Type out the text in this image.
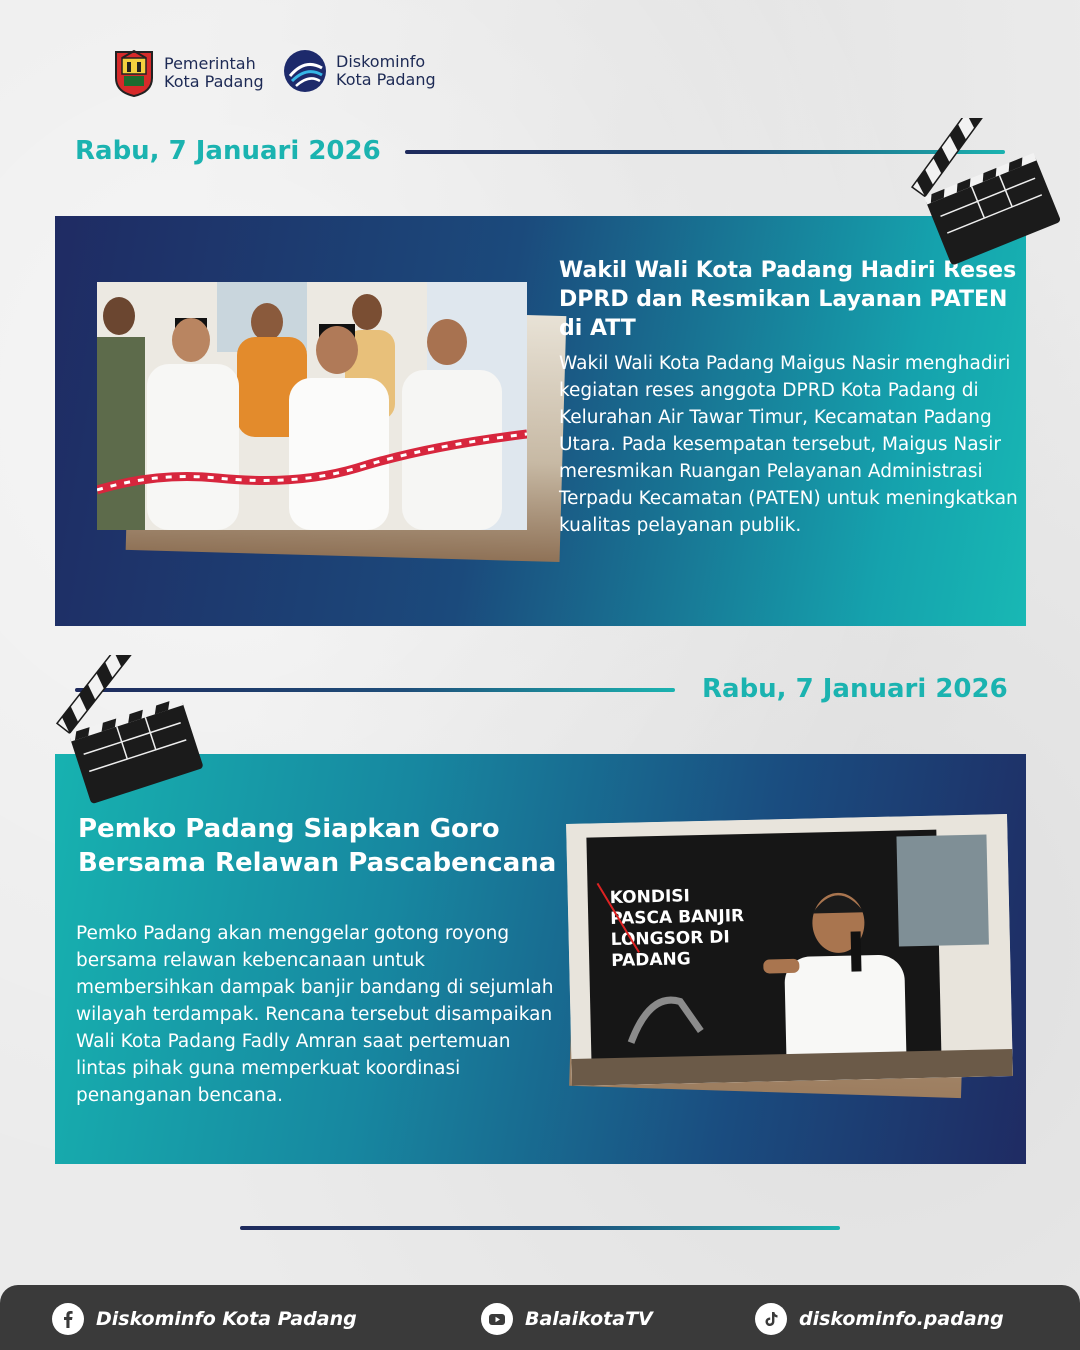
Pemerintah
Kota Padang
Diskominfo
Kota Padang
Rabu, 7 Januari 2026
Wakil Wali Kota Padang Hadiri Reses DPRD dan Resmikan Layanan PATEN di ATT
Wakil Wali Kota Padang Maigus Nasir menghadiri kegiatan reses anggota DPRD Kota Padang di Kelurahan Air Tawar Timur, Kecamatan Padang Utara. Pada kesempatan tersebut, Maigus Nasir meresmikan Ruangan Pelayanan Administrasi Terpadu Kecamatan (PATEN) untuk meningkatkan kualitas pelayanan publik.
Rabu, 7 Januari 2026
Pemko Padang Siapkan Goro Bersama Relawan Pascabencana
Pemko Padang akan menggelar gotong royong bersama relawan kebencanaan untuk membersihkan dampak banjir bandang di sejumlah wilayah terdampak. Rencana tersebut disampaikan Wali Kota Padang Fadly Amran saat pertemuan lintas pihak guna memperkuat koordinasi penanganan bencana.
KONDISI
PASCA BANJIR
LONGSOR DI
PADANG
Diskominfo Kota Padang	BalaikotaTV	diskominfo.padang
